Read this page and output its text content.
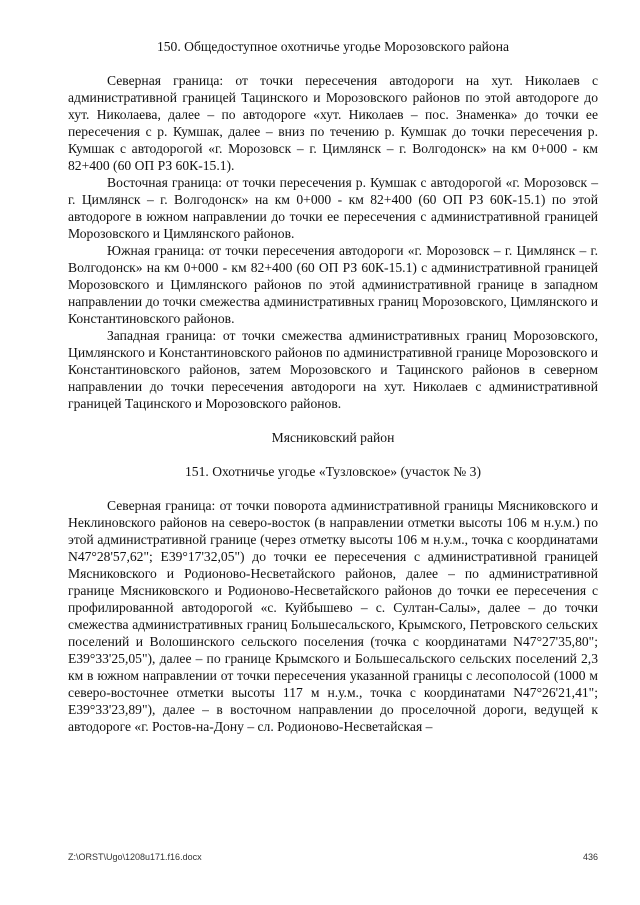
150. Общедоступное охотничье угодье Морозовского района

Северная граница: от точки пересечения автодороги на хут. Николаев с административной границей Тацинского и Морозовского районов по этой автодороге до хут. Николаева, далее – по автодороге «хут. Николаев – пос. Знаменка» до точки ее пересечения с р. Кумшак, далее – вниз по течению р. Кумшак до точки пересечения р. Кумшак с автодорогой «г. Морозовск – г. Цимлянск – г. Волгодонск» на км 0+000 - км 82+400 (60 ОП РЗ 60К-15.1).

Восточная граница: от точки пересечения р. Кумшак с автодорогой «г. Морозовск – г. Цимлянск – г. Волгодонск» на км 0+000 - км 82+400 (60 ОП РЗ 60К-15.1) по этой автодороге в южном направлении до точки ее пересечения с административной границей Морозовского и Цимлянского районов.

Южная граница: от точки пересечения автодороги «г. Морозовск – г. Цимлянск – г. Волгодонск» на км 0+000 - км 82+400 (60 ОП РЗ 60К-15.1) с административной границей Морозовского и Цимлянского районов по этой административной границе в западном направлении до точки смежества административных границ Морозовского, Цимлянского и Константиновского районов.

Западная граница: от точки смежества административных границ Морозовского, Цимлянского и Константиновского районов по административной границе Морозовского и Константиновского районов, затем Морозовского и Тацинского районов в северном направлении до точки пересечения автодороги на хут. Николаев с административной границей Тацинского и Морозовского районов.

Мясниковский район

151. Охотничье угодье «Тузловское» (участок № 3)

Северная граница: от точки поворота административной границы Мясниковского и Неклиновского районов на северо-восток (в направлении отметки высоты 106 м н.у.м.) по этой административной границе (через отметку высоты 106 м н.у.м., точка с координатами N47°28'57,62"; E39°17'32,05") до точки ее пересечения с административной границей Мясниковского и Родионово-Несветайского районов, далее – по административной границе Мясниковского и Родионово-Несветайского районов до точки ее пересечения с профилированной автодорогой «с. Куйбышево – с. Султан-Салы», далее – до точки смежества административных границ Большесальского, Крымского, Петровского сельских поселений и Волошинского сельского поселения (точка с координатами N47°27'35,80"; E39°33'25,05"), далее – по границе Крымского и Большесальского сельских поселений 2,3 км в южном направлении от точки пересечения указанной границы с лесополосой (1000 м северо-восточнее отметки высоты 117 м н.у.м., точка с координатами N47°26'21,41"; E39°33'23,89"), далее – в восточном направлении до проселочной дороги, ведущей к автодороге «г. Ростов-на-Дону – сл. Родионово-Несветайская –

Z:\ORST\Ugo\1208u171.f16.docx	436
